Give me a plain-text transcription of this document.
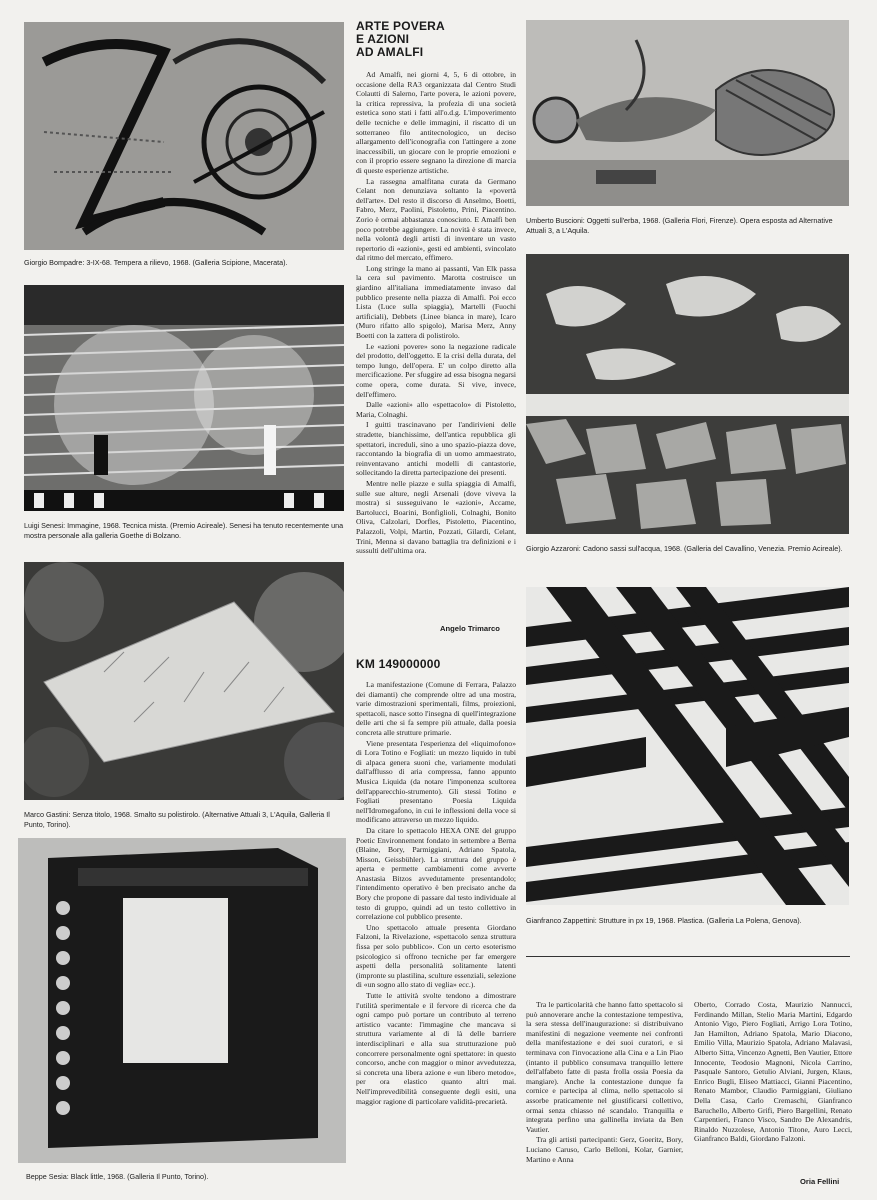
Giorgio Bompadre: 3-IX-68. Tempera a rilievo, 1968. (Galleria Scipione, Macerata).
Luigi Senesi: Immagine, 1968. Tecnica mista. (Premio Acireale). Senesi ha tenuto recentemente una mostra personale alla galleria Goethe di Bolzano.
Marco Gastini: Senza titolo, 1968. Smalto su polistirolo. (Alternative Attuali 3, L'Aquila, Galleria Il Punto, Torino).
Beppe Sesia: Black little, 1968. (Galleria Il Punto, Torino).
ARTE POVERA
E AZIONI
AD AMALFI

Ad Amalfi, nei giorni 4, 5, 6 di ottobre, in occasione della RA3 organizzata dal Centro Studi Colautti di Salerno, l'arte povera, le azioni povere, la critica repressiva, la profezia di una società estetica sono stati i fatti all'o.d.g. L'impoverimento delle tecniche e delle immagini, il riscatto di un sotterraneo filo antitecnologico, un deciso allargamento dell'iconografia con l'attingere a zone inaccessibili, un giocare con le proprie emozioni e con il proprio essere segnano la direzione di marcia di queste esperienze artistiche.

La rassegna amalfitana curata da Germano Celant non denunziava soltanto la «povertà dell'arte». Del resto il discorso di Anselmo, Boetti, Fabro, Merz, Paolini, Pistoletto, Prini, Piacentino. Zorio è ormai abbastanza conosciuto. E Amalfi ben poco potrebbe aggiungere. La novità è stata invece, nella volontà degli artisti di inventare un vasto repertorio di «azioni», gesti ed ambienti, svincolato dal ritmo del mercato, effimero.

Long stringe la mano ai passanti, Van Elk passa la cera sul pavimento. Marotta costruisce un giardino all'italiana immediatamente invaso dal pubblico presente nella piazza di Amalfi. Poi ecco Lista (Luce sulla spiaggia), Martelli (Fuochi artificiali), Debbets (Linee bianca in mare), Icaro (Muro rifatto allo spigolo), Marisa Merz, Anny Boetti con la zattera di polistirolo.

Le «azioni povere» sono la negazione radicale del prodotto, dell'oggetto. E la crisi della durata, del tempo lungo, dell'opera. E' un colpo diretto alla mercificazione. Per sfuggire ad essa bisogna negarsi come opera, come durata. Si vive, invece, dell'effimero.

Dalle «azioni» allo «spettacolo» di Pistoletto, Maria, Colnaghi.

I guitti trascinavano per l'andirivieni delle stradette, bianchissime, dell'antica repubblica gli spettatori, increduli, sino a uno spazio-piazza dove, raccontando la biografia di un uomo ammaestrato, reinventavano antichi modelli di cantastorie, sollecitando la diretta partecipazione dei presenti.

Mentre nelle piazze e sulla spiaggia di Amalfi, sulle sue alture, negli Arsenali (dove viveva la mostra) si susseguivano le «azioni», Accame, Bartolucci, Boarini, Bonfiglioli, Colnaghi, Bonito Oliva, Calzolari, Dorfles, Pistoletto, Piacentino, Palazzoli, Volpi, Martin, Pozzati, Gilardi, Celant, Trini, Menna si davano battaglia tra definizioni e i sussulti dell'ultima ora.

Angelo Trimarco
KM 149000000

La manifestazione (Comune di Ferrara, Palazzo dei diamanti) che comprende oltre ad una mostra, varie dimostrazioni sperimentali, films, proiezioni, spettacoli, nasce sotto l'insegna di quell'integrazione delle arti che si fa sempre più attuale, dalla poesia concreta alle strutture primarie.

Viene presentata l'esperienza del «liquimofono» di Lora Totino e Fogliati: un mezzo liquido in tubi di alpaca genera suoni che, variamente modulati dall'afflusso di aria compressa, fanno appunto Musica Liquida (da notare l'imponenza scultorea dell'apparecchio-strumento). Gli stessi Totino e Fogliati presentano Poesia Liquida nell'Idromegafono, in cui le inflessioni della voce si modificano attraverso un mezzo liquido.

Da citare lo spettacolo HEXA ONE del gruppo Poetic Environnement fondato in settembre a Berna (Blaine, Bory, Parmiggiani, Adriano Spatola, Misson, Geissbühler). La struttura del gruppo è aperta e permette cambiamenti come avverte Anastasia Bitzos avvedutamente presentandolo; l'intendimento operativo è ben precisato anche da Bory che propone di passare dal testo individuale al testo di gruppo, quindi ad un testo collettivo in correlazione col pubblico presente.

Uno spettacolo attuale presenta Giordano Falzoni, la Rivelazione, «spettacolo senza struttura fissa per solo pubblico». Con un certo esoterismo psicologico si offrono tecniche per far emergere aspetti della personalità solitamente latenti (impronte su plastilina, sculture essenziali, selezione di «un sogno allo stato di veglia» ecc.).

Tutte le attività svolte tendono a dimostrare l'utilità sperimentale e il fervore di ricerca che da ogni campo può portare un contributo al terreno artistico vacante: l'immagine che mancava si struttura variamente al di là delle barriere interdisciplinari e alla sua strutturazione può concorrere personalmente ogni spettatore: in questo concorso, anche con maggior o minor avvedutezza, si concreta una libera azione e «un libero metodo», per ora elastico quanto altri mai. Nell'imprevedibilità conseguente degli esiti, una maggior ragione di particolare validità-precarietà.

Umberto Buscioni: Oggetti sull'erba, 1968. (Galleria Flori, Firenze). Opera esposta ad Alternative Attuali 3, a L'Aquila.
Giorgio Azzaroni: Cadono sassi sull'acqua, 1968. (Galleria del Cavallino, Venezia. Premio Acireale).
Gianfranco Zappettini: Strutture in px 19, 1968. Plastica. (Galleria La Polena, Genova).

Tra le particolarità che hanno fatto spettacolo si può annoverare anche la contestazione tempestiva, la sera stessa dell'inaugurazione: si distribuivano manifestini di negazione veemente nei confronti della manifestazione e dei suoi curatori, e si terminava con l'invocazione alla Cina e a Lin Piao (intanto il pubblico consumava tranquillo lettere dell'alfabeto fatte di pasta frolla ossia Poesia da mangiare). Anche la contestazione dunque fa cornice e partecipa al clima, nello spettacolo si assorbe praticamente nel giustificarsi collettivo, ormai senza chiasso né scandalo. Tranquilla e integrata perfino una gallinella inviata da Ben Vautier.

Tra gli artisti partecipanti: Gerz, Goeritz, Bory, Luciano Caruso, Carlo Belloni, Kolar, Garnier, Martino e Anna

Oberto, Corrado Costa, Maurizio Nannucci, Ferdinando Millan, Stelio Maria Martini, Edgardo Antonio Vigo, Piero Fogliati, Arrigo Lora Totino, Jan Hamilton, Adriano Spatola, Mario Diacono, Emilio Villa, Maurizio Spatola, Adriano Malavasi, Alberto Sitta, Vincenzo Agnetti, Ben Vautier, Ettore Innocente, Teodosio Magnoni, Nicola Carrino, Pasquale Santoro, Getulio Alviani, Jurgen, Klaus, Enrico Bugli, Eliseo Mattiacci, Gianni Piacentino, Renato Mambor, Claudio Parmiggiani, Giuliano Della Casa, Carlo Cremaschi, Gianfranco Baruchello, Alberto Grifi, Piero Bargellini, Renato Carpentieri, Franco Visco, Sandro De Alexandris, Rinaldo Nuzzolese, Antonio Titone, Auro Lecci, Gianfranco Baldi, Giordano Falzoni.

Oria Fellini
